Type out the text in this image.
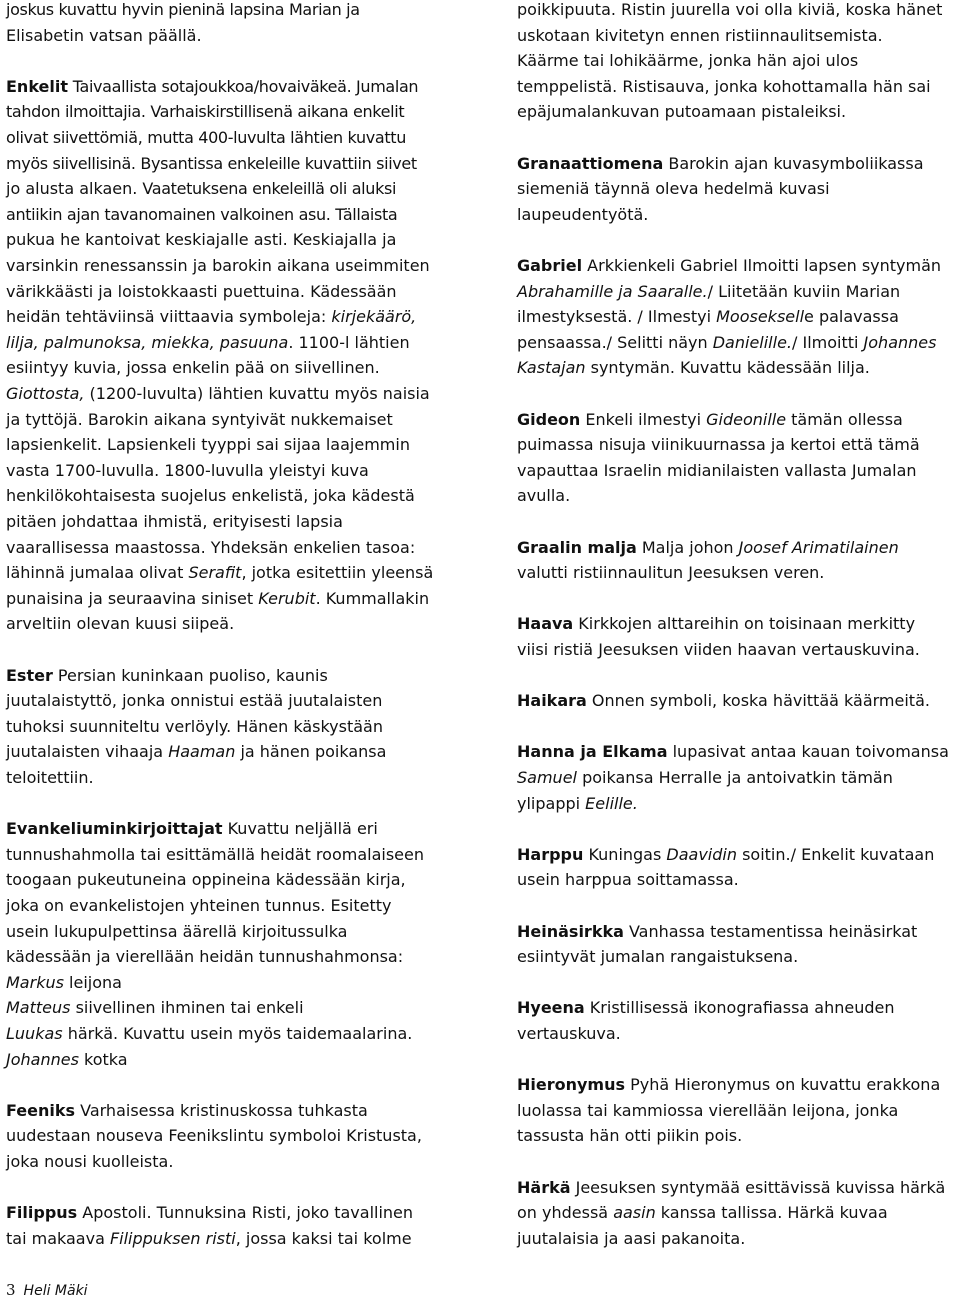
joskus kuvattu hyvin pieninä lapsina Marian ja
Elisabetin vatsan päällä.
Enkelit Taivaallista sotajoukkoa/hovaiväkeä. Jumalan
tahdon ilmoittajia. Varhaiskirstillisenä aikana enkelit
olivat siivettömiä, mutta 400-luvulta lähtien kuvattu
myös siivellisinä. Bysantissa enkeleille kuvattiin siivet
jo alusta alkaen. Vaatetuksena enkeleillä oli aluksi
antiikin ajan tavanomainen valkoinen asu. Tällaista
pukua he kantoivat keskiajalle asti. Keskiajalla ja
varsinkin renessanssin ja barokin aikana useimmiten
värikkäästi ja loistokkaasti puettuina. Kädessään
heidän tehtäviinsä viittaavia symboleja: kirjekäärö,
lilja, palmunoksa, miekka, pasuuna. 1100-l lähtien
esiintyy kuvia, jossa enkelin pää on siivellinen.
Giottosta, (1200-luvulta) lähtien kuvattu myös naisia
ja tyttöjä. Barokin aikana syntyivät nukkemaiset
lapsienkelit. Lapsienkeli tyyppi sai sijaa laajemmin
vasta 1700-luvulla. 1800-luvulla yleistyi kuva
henkilökohtaisesta suojelus enkelistä, joka kädestä
pitäen johdattaa ihmistä, erityisesti lapsia
vaarallisessa maastossa. Yhdeksän enkelien tasoa:
lähinnä jumalaa olivat Serafit, jotka esitettiin yleensä
punaisina ja seuraavina siniset Kerubit. Kummallakin
arveltiin olevan kuusi siipeä.
Ester Persian kuninkaan puoliso, kaunis
juutalaistyttö, jonka onnistui estää juutalaisten
tuhoksi suunniteltu verlöyly. Hänen käskystään
juutalaisten vihaaja Haaman ja hänen poikansa
teloitettiin.
Evankeliuminkirjoittajat Kuvattu neljällä eri
tunnushahmolla tai esittämällä heidät roomalaiseen
toogaan pukeutuneina oppineina kädessään kirja,
joka on evankelistojen yhteinen tunnus. Esitetty
usein lukupulpettinsa äärellä kirjoitussulka
kädessään ja vierellään heidän tunnushahmonsa:
Markus leijona
Matteus siivellinen ihminen tai enkeli
Luukas härkä. Kuvattu usein myös taidemaalarina.
Johannes kotka
Feeniks Varhaisessa kristinuskossa tuhkasta
uudestaan nouseva Feenikslintu symboloi Kristusta,
joka nousi kuolleista.
Filippus Apostoli. Tunnuksina Risti, joko tavallinen
tai makaava Filippuksen risti, jossa kaksi tai kolme
poikkipuuta. Ristin juurella voi olla kiviä, koska hänet
uskotaan kivitetyn ennen ristiinnaulitsemista.
Käärme tai lohikäärme, jonka hän ajoi ulos
temppelistä. Ristisauva, jonka kohottamalla hän sai
epäjumalankuvan putoamaan pistaleiksi.
Granaattiomena Barokin ajan kuvasymboliikassa
siemeniä täynnä oleva hedelmä kuvasi
laupeudentyötä.
Gabriel Arkkienkeli Gabriel Ilmoitti lapsen syntymän
Abrahamille ja Saaralle./ Liitetään kuviin Marian
ilmestyksestä. / Ilmestyi Moosekselle palavassa
pensaassa./ Selitti näyn Danielille./ Ilmoitti Johannes
Kastajan syntymän. Kuvattu kädessään lilja.
Gideon Enkeli ilmestyi Gideonille tämän ollessa
puimassa nisuja viinikuurnassa ja kertoi että tämä
vapauttaa Israelin midianilaisten vallasta Jumalan
avulla.
Graalin malja Malja johon Joosef Arimatilainen
valutti ristiinnaulitun Jeesuksen veren.
Haava Kirkkojen alttareihin on toisinaan merkitty
viisi ristiä Jeesuksen viiden haavan vertauskuvina.
Haikara Onnen symboli, koska hävittää käärmeitä.
Hanna ja Elkama lupasivat antaa kauan toivomansa
Samuel poikansa Herralle ja antoivatkin tämän
ylipappi Eelille.
Harppu Kuningas Daavidin soitin./ Enkelit kuvataan
usein harppua soittamassa.
Heinäsirkka Vanhassa testamentissa heinäsirkat
esiintyvät jumalan rangaistuksena.
Hyeena Kristillisessä ikonografiassa ahneuden
vertauskuva.
Hieronymus Pyhä Hieronymus on kuvattu erakkona
luolassa tai kammiossa vierellään leijona, jonka
tassusta hän otti piikin pois.
Härkä Jeesuksen syntymää esittävissä kuvissa härkä
on yhdessä aasin kanssa tallissa. Härkä kuvaa
juutalaisia ja aasi pakanoita.
3 Heli Mäki
